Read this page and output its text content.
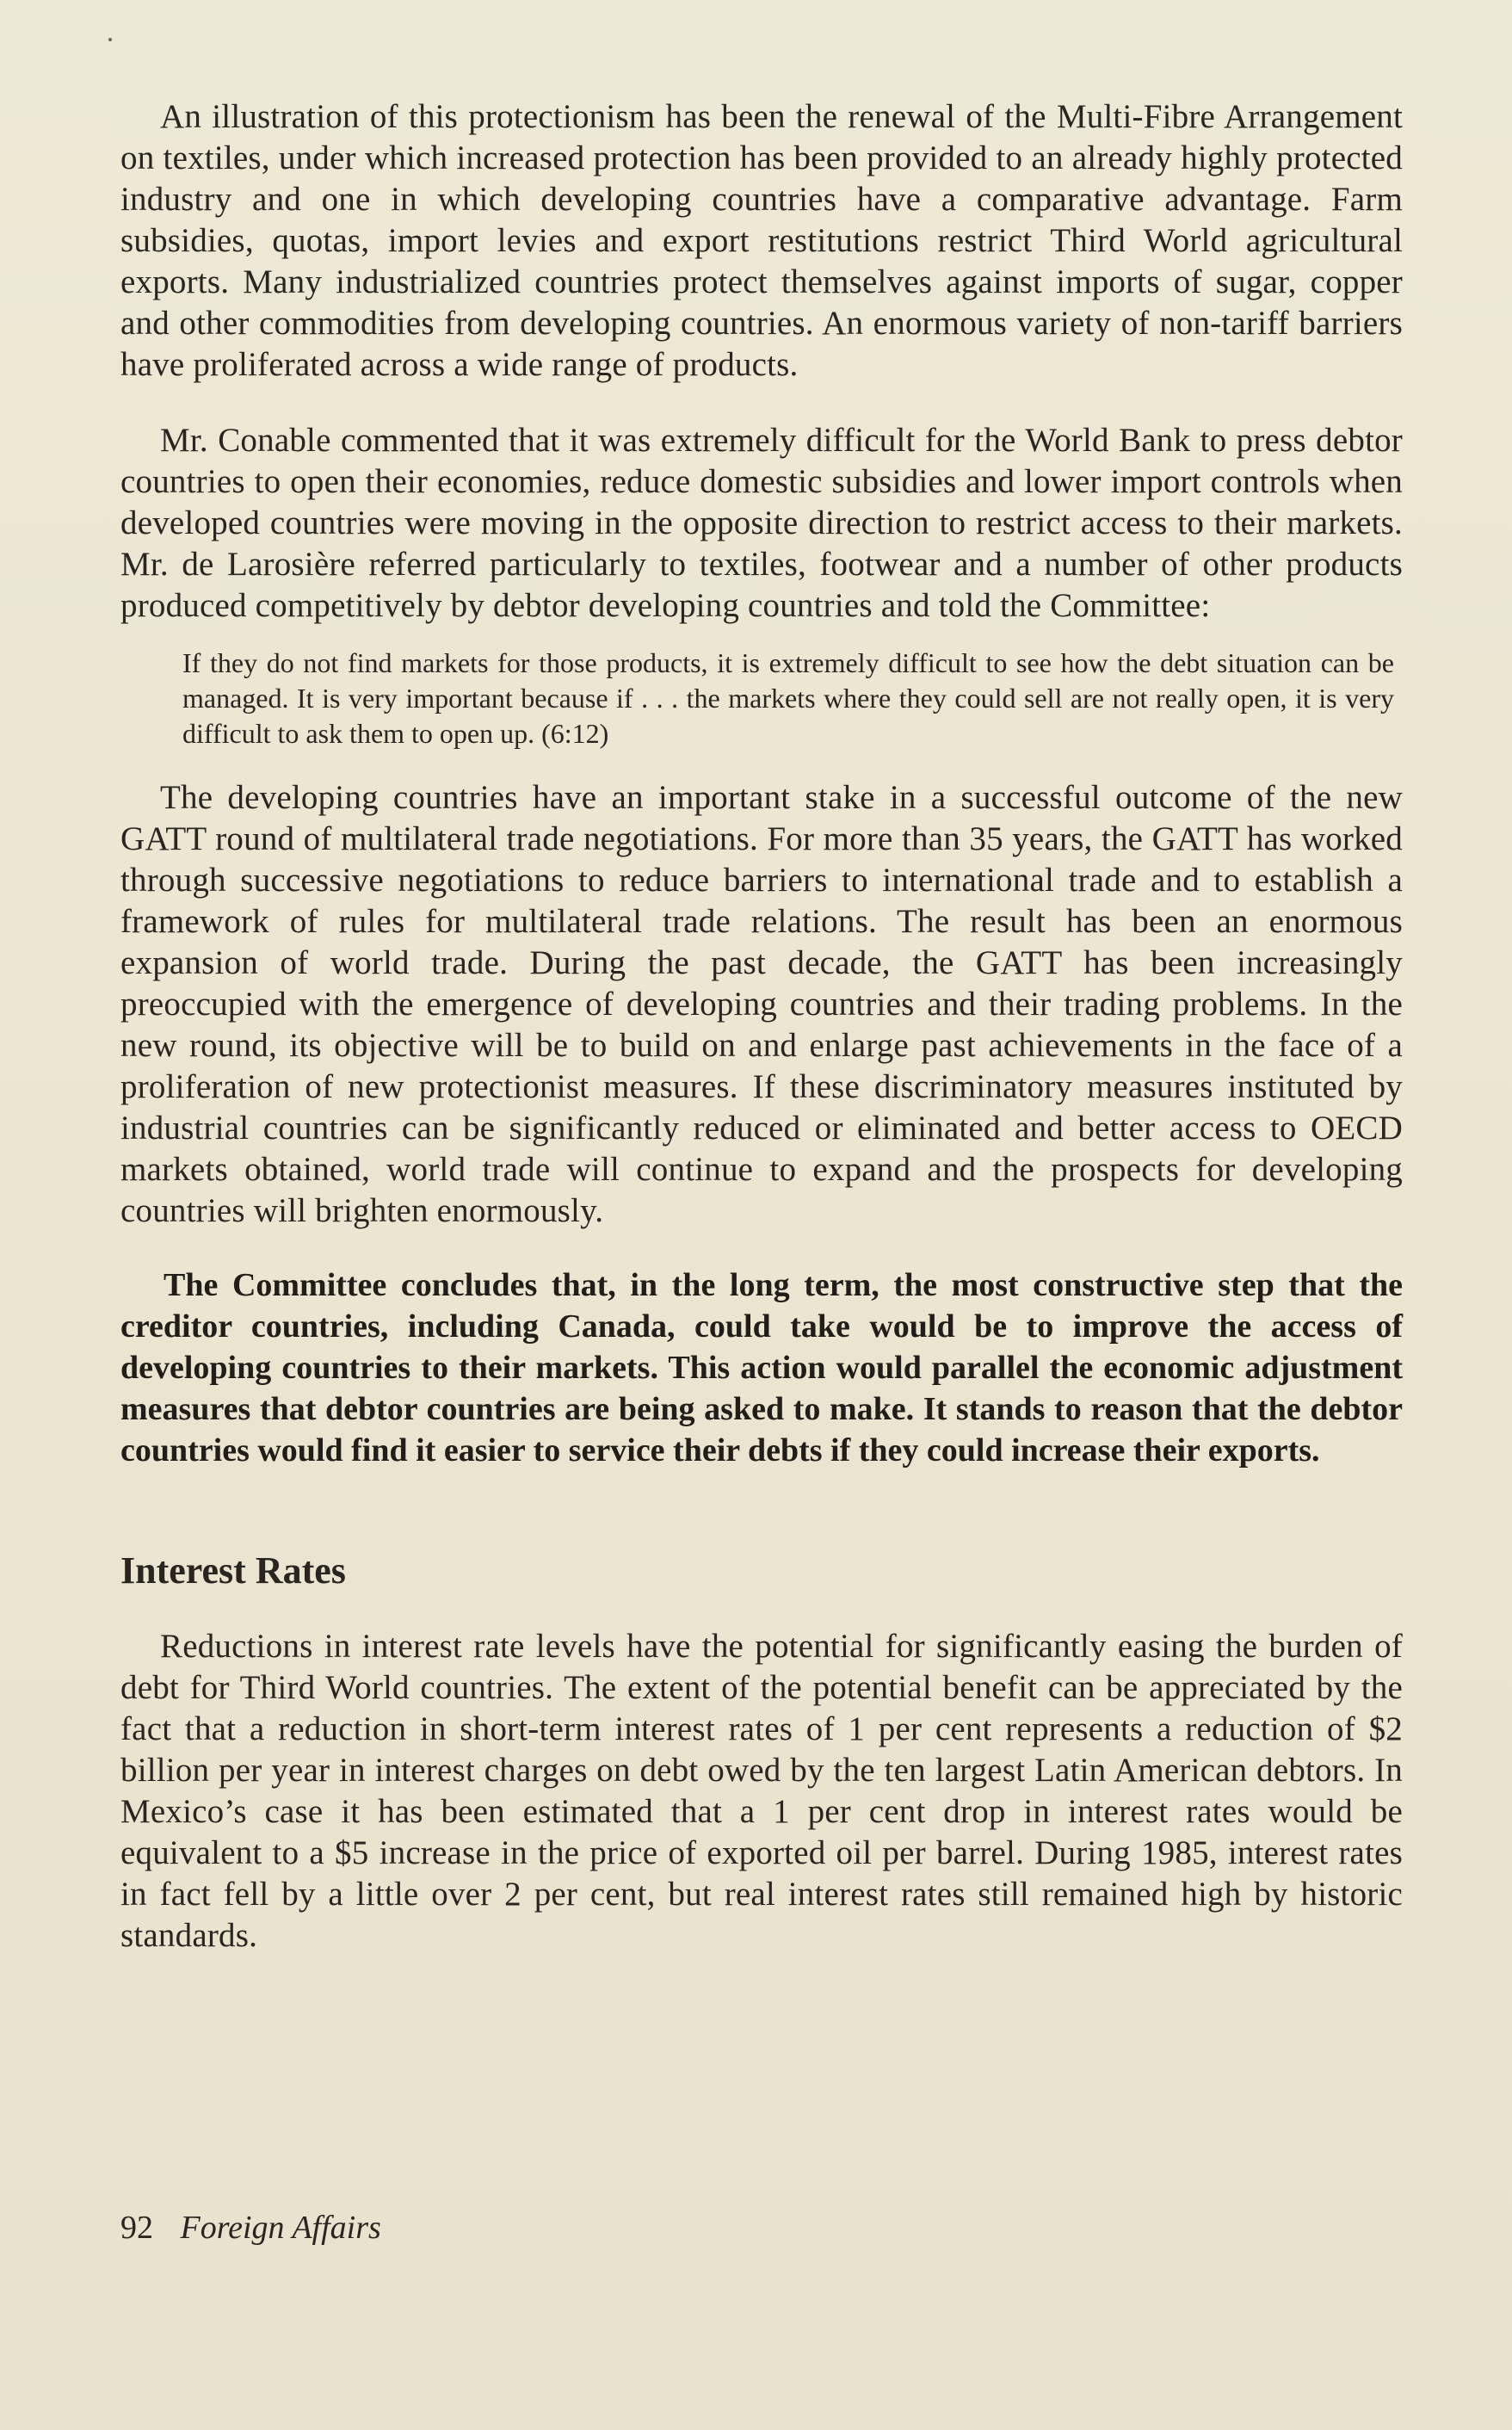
An illustration of this protectionism has been the renewal of the Multi-Fibre Arrangement on textiles, under which increased protection has been provided to an already highly protected industry and one in which developing countries have a comparative advantage. Farm subsidies, quotas, import levies and export restitutions restrict Third World agricultural exports. Many industrialized countries protect themselves against imports of sugar, copper and other commodities from developing countries. An enormous variety of non-tariff barriers have proliferated across a wide range of products.

Mr. Conable commented that it was extremely difficult for the World Bank to press debtor countries to open their economies, reduce domestic subsidies and lower import controls when developed countries were moving in the opposite direction to restrict access to their markets. Mr. de Larosière referred particularly to textiles, footwear and a number of other products produced competitively by debtor developing countries and told the Committee:

If they do not find markets for those products, it is extremely difficult to see how the debt situation can be managed. It is very important because if . . . the markets where they could sell are not really open, it is very difficult to ask them to open up. (6:12)

The developing countries have an important stake in a successful outcome of the new GATT round of multilateral trade negotiations. For more than 35 years, the GATT has worked through successive negotiations to reduce barriers to international trade and to establish a framework of rules for multilateral trade relations. The result has been an enormous expansion of world trade. During the past decade, the GATT has been increasingly preoccupied with the emergence of developing countries and their trading problems. In the new round, its objective will be to build on and enlarge past achievements in the face of a proliferation of new protectionist measures. If these discriminatory measures instituted by industrial countries can be significantly reduced or eliminated and better access to OECD markets obtained, world trade will continue to expand and the prospects for developing countries will brighten enormously.

The Committee concludes that, in the long term, the most constructive step that the creditor countries, including Canada, could take would be to improve the access of developing countries to their markets. This action would parallel the economic adjustment measures that debtor countries are being asked to make. It stands to reason that the debtor countries would find it easier to service their debts if they could increase their exports.

Interest Rates

Reductions in interest rate levels have the potential for significantly easing the burden of debt for Third World countries. The extent of the potential benefit can be appreciated by the fact that a reduction in short-term interest rates of 1 per cent represents a reduction of $2 billion per year in interest charges on debt owed by the ten largest Latin American debtors. In Mexico’s case it has been estimated that a 1 per cent drop in interest rates would be equivalent to a $5 increase in the price of exported oil per barrel. During 1985, interest rates in fact fell by a little over 2 per cent, but real interest rates still remained high by historic standards.

92 Foreign Affairs
